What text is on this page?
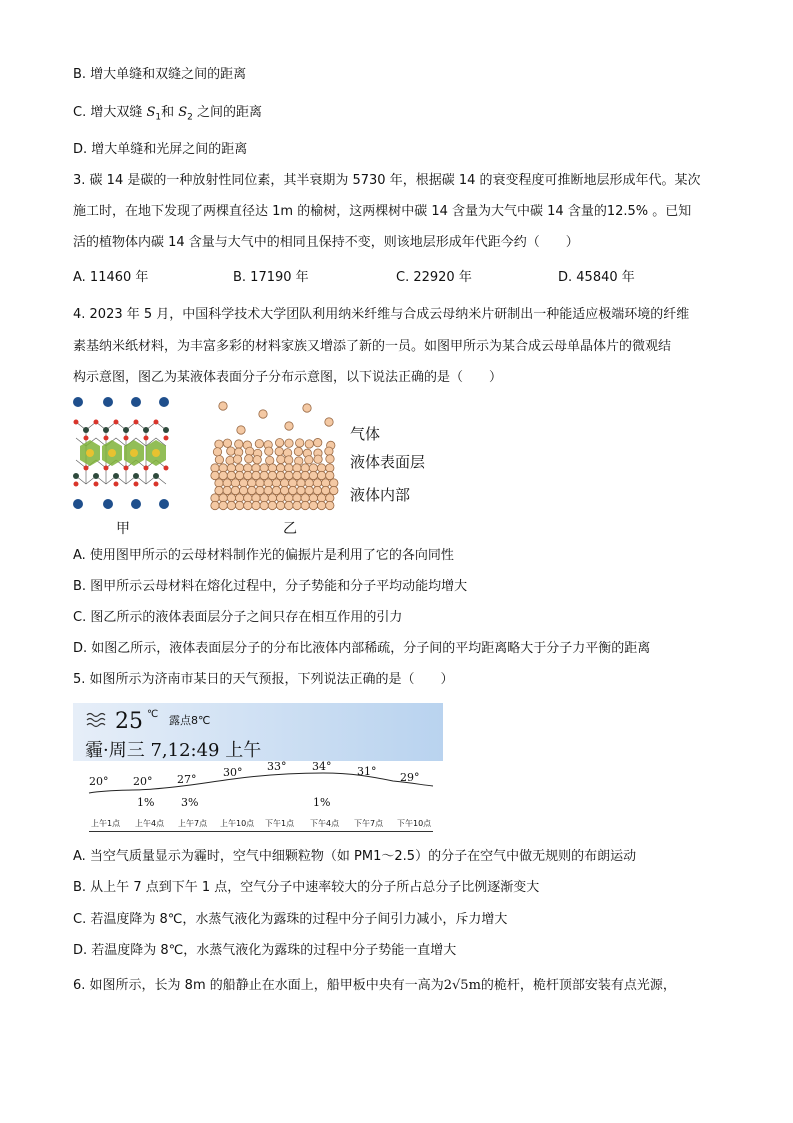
B. 增大单缝和双缝之间的距离
C. 增大双缝 $S_1$和 $S_2$ 之间的距离
D. 增大单缝和光屏之间的距离
3. 碳 14 是碳的一种放射性同位素，其半衰期为 5730 年，根据碳 14 的衰变程度可推断地层形成年代。某次
施工时，在地下发现了两棵直径达 1m 的榆树，这两棵树中碳 14 含量为大气中碳 14 含量的12.5% 。已知
活的植物体内碳 14 含量与大气中的相同且保持不变，则该地层形成年代距今约（　　）
A. 11460 年	B. 17190 年	C. 22920 年	D. 45840 年
4. 2023 年 5 月，中国科学技术大学团队利用纳米纤维与合成云母纳米片研制出一种能适应极端环境的纤维
素基纳米纸材料，为丰富多彩的材料家族又增添了新的一员。如图甲所示为某合成云母单晶体片的微观结
构示意图，图乙为某液体表面分子分布示意图，以下说法正确的是（　　）
甲	乙
气体
液体表面层
液体内部
A. 使用图甲所示的云母材料制作光的偏振片是利用了它的各向同性
B. 图甲所示云母材料在熔化过程中，分子势能和分子平均动能均增大
C. 图乙所示的液体表面层分子之间只存在相互作用的引力
D. 如图乙所示，液体表面层分子的分布比液体内部稀疏，分子间的平均距离略大于分子力平衡的距离
5. 如图所示为济南市某日的天气预报，下列说法正确的是（　　）
25 ℃ 露点8℃
霾·周三 7,12:49 上午
20° 20° 27°
30° 33° 34° 31° 29°
1% 3%	1%
上午1点 上午4点 上午7点 上午10点 下午1点 下午4点 下午7点 下午10点
A. 当空气质量显示为霾时，空气中细颗粒物（如 PM1～2.5）的分子在空气中做无规则的布朗运动
B. 从上午 7 点到下午 1 点，空气分子中速率较大的分子所占总分子比例逐渐变大
C. 若温度降为 8℃，水蒸气液化为露珠的过程中分子间引力减小，斥力增大
D. 若温度降为 8℃，水蒸气液化为露珠的过程中分子势能一直增大
6. 如图所示，长为 8m 的船静止在水面上，船甲板中央有一高为2√5m的桅杆，桅杆顶部安装有点光源，
